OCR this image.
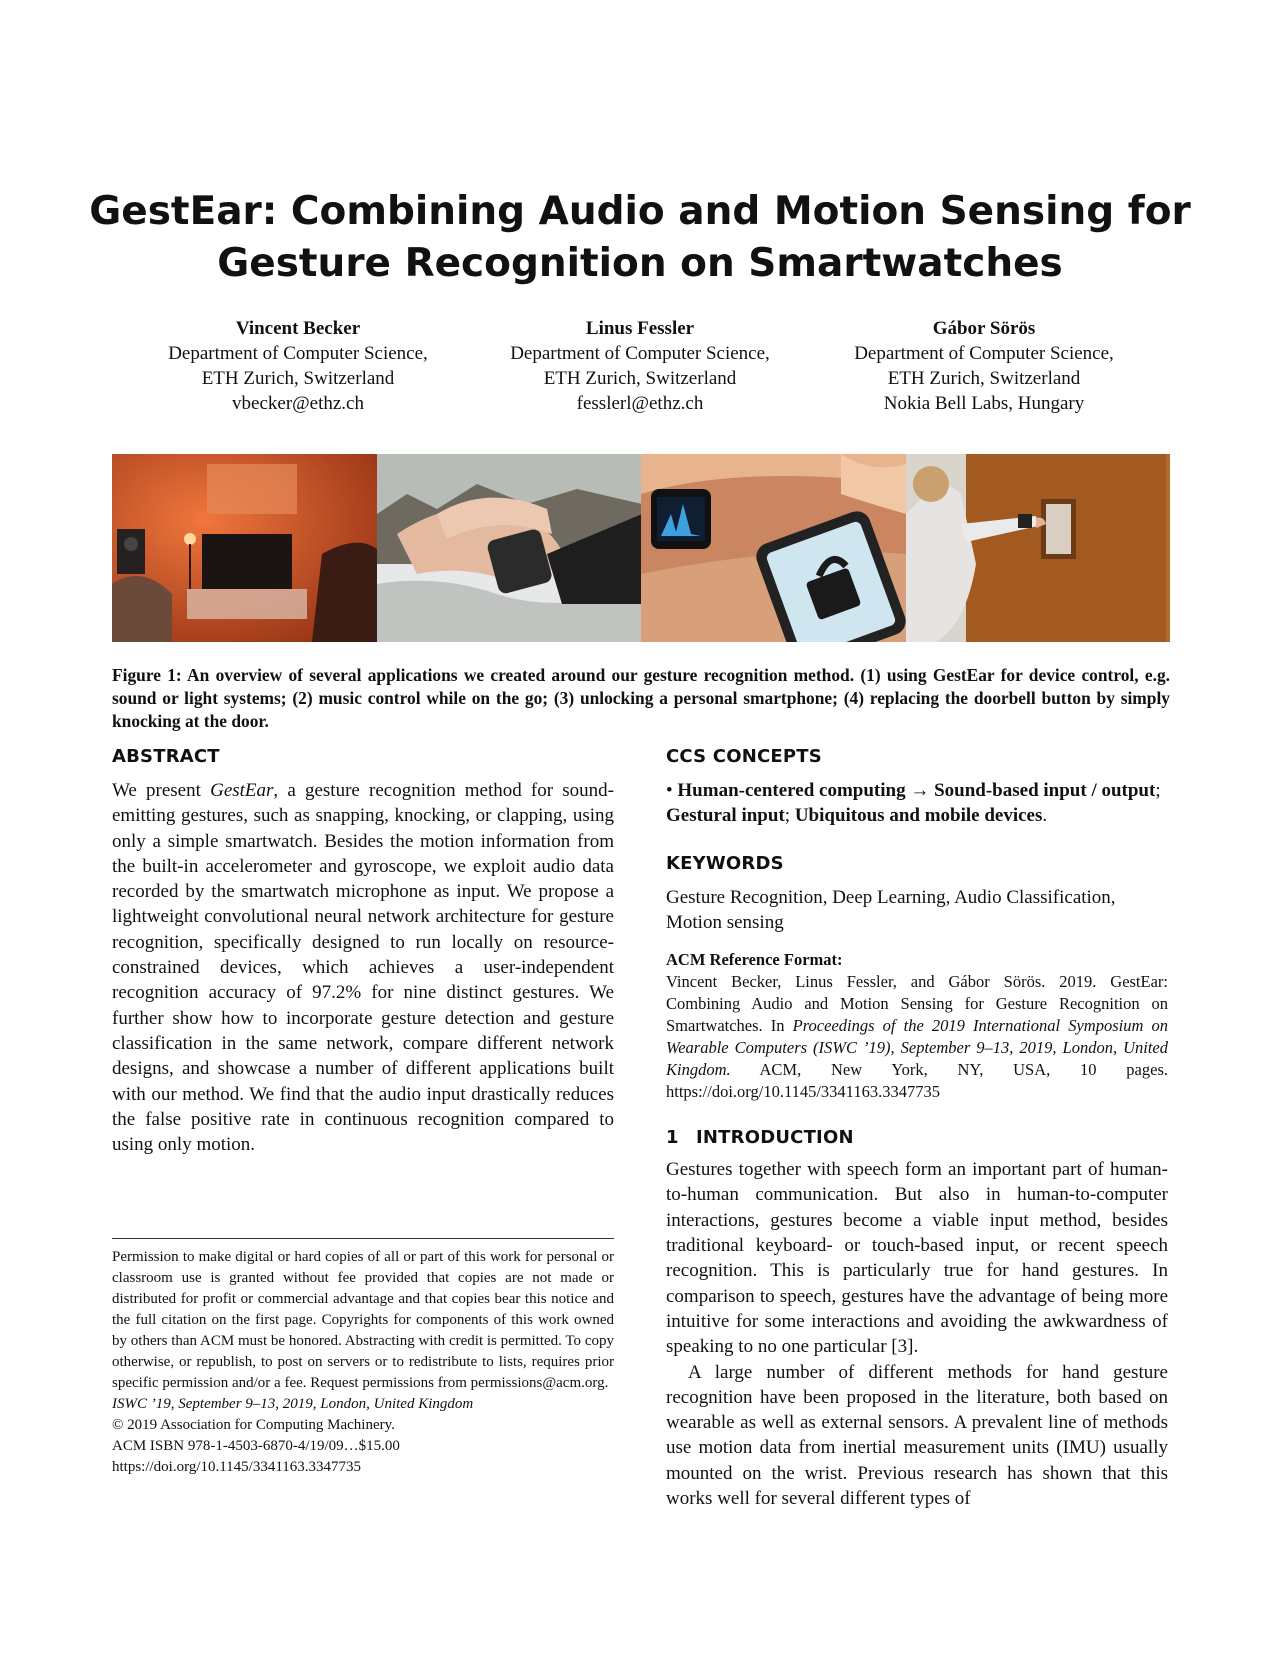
GestEar: Combining Audio and Motion Sensing for
Gesture Recognition on Smartwatches
Vincent Becker
Department of Computer Science,
ETH Zurich, Switzerland
vbecker@ethz.ch
Linus Fessler
Department of Computer Science,
ETH Zurich, Switzerland
fesslerl@ethz.ch
Gábor Sörös
Department of Computer Science,
ETH Zurich, Switzerland
Nokia Bell Labs, Hungary

Figure 1: An overview of several applications we created around our gesture recognition method. (1) using GestEar for device control, e.g. sound or light systems; (2) music control while on the go; (3) unlocking a personal smartphone; (4) replacing the doorbell button by simply knocking at the door.

ABSTRACT

We present GestEar, a gesture recognition method for sound-emitting gestures, such as snapping, knocking, or clapping, using only a simple smartwatch. Besides the motion information from the built-in accelerometer and gyroscope, we exploit audio data recorded by the smartwatch microphone as input. We propose a lightweight convolutional neural network architecture for gesture recognition, specifically designed to run locally on resource-constrained devices, which achieves a user-independent recognition accuracy of 97.2% for nine distinct gestures. We further show how to incorporate gesture detection and gesture classification in the same network, compare different network designs, and showcase a number of different applications built with our method. We find that the audio input drastically reduces the false positive rate in continuous recognition compared to using only motion.

Permission to make digital or hard copies of all or part of this work for personal or classroom use is granted without fee provided that copies are not made or distributed for profit or commercial advantage and that copies bear this notice and the full citation on the first page. Copyrights for components of this work owned by others than ACM must be honored. Abstracting with credit is permitted. To copy otherwise, or republish, to post on servers or to redistribute to lists, requires prior specific permission and/or a fee. Request permissions from permissions@acm.org.

ISWC ’19, September 9–13, 2019, London, United Kingdom
© 2019 Association for Computing Machinery.
ACM ISBN 978-1-4503-6870-4/19/09…$15.00
https://doi.org/10.1145/3341163.3347735
CCS CONCEPTS

• Human-centered computing → Sound-based input / output; Gestural input; Ubiquitous and mobile devices.

KEYWORDS

Gesture Recognition, Deep Learning, Audio Classification, Motion sensing

ACM Reference Format:
Vincent Becker, Linus Fessler, and Gábor Sörös. 2019. GestEar: Combining Audio and Motion Sensing for Gesture Recognition on Smartwatches. In Proceedings of the 2019 International Symposium on Wearable Computers (ISWC ’19), September 9–13, 2019, London, United Kingdom. ACM, New York, NY, USA, 10 pages. https://doi.org/10.1145/3341163.3347735
1 INTRODUCTION

Gestures together with speech form an important part of human-to-human communication. But also in human-to-computer interactions, gestures become a viable input method, besides traditional keyboard- or touch-based input, or recent speech recognition. This is particularly true for hand gestures. In comparison to speech, gestures have the advantage of being more intuitive for some interactions and avoiding the awkwardness of speaking to no one particular [3].

A large number of different methods for hand gesture recognition have been proposed in the literature, both based on wearable as well as external sensors. A prevalent line of methods use motion data from inertial measurement units (IMU) usually mounted on the wrist. Previous research has shown that this works well for several different types of
